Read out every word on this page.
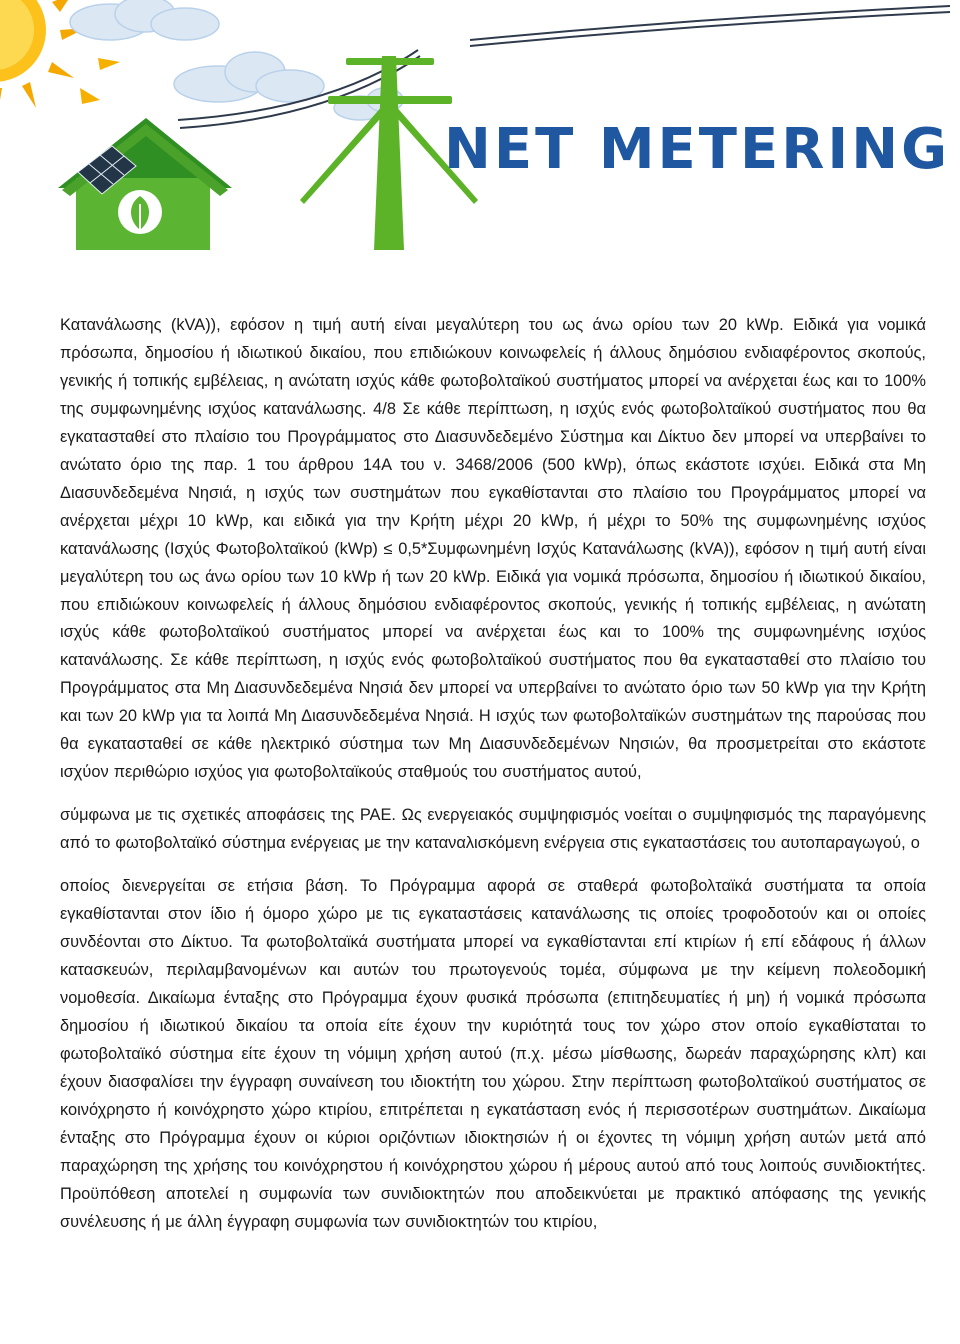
NET METERING

Κατανάλωσης (kVA)), εφόσον η τιμή αυτή είναι μεγαλύτερη του ως άνω ορίου των 20 kWp. Ειδικά για νομικά πρόσωπα, δημοσίου ή ιδιωτικού δικαίου, που επιδιώκουν κοινωφελείς ή άλλους δημόσιου ενδιαφέροντος σκοπούς, γενικής ή τοπικής εμβέλειας, η ανώτατη ισχύς κάθε φωτοβολταϊκού συστήματος μπορεί να ανέρχεται έως και το 100% της συμφωνημένης ισχύος κατανάλωσης. 4/8 Σε κάθε περίπτωση, η ισχύς ενός φωτοβολταϊκού συστήματος που θα εγκατασταθεί στο πλαίσιο του Προγράμματος στο Διασυνδεδεμένο Σύστημα και Δίκτυο δεν μπορεί να υπερβαίνει το ανώτατο όριο της παρ. 1 του άρθρου 14Α του ν. 3468/2006 (500 kWp), όπως εκάστοτε ισχύει. Ειδικά στα Μη Διασυνδεδεμένα Νησιά, η ισχύς των συστημάτων που εγκαθίστανται στο πλαίσιο του Προγράμματος μπορεί να ανέρχεται μέχρι 10 kWp, και ειδικά για την Κρήτη μέχρι 20 kWp, ή μέχρι το 50% της συμφωνημένης ισχύος κατανάλωσης (Ισχύς Φωτοβολταϊκού (kWp) ≤ 0,5*Συμφωνημένη Ισχύς Κατανάλωσης (kVA)), εφόσον η τιμή αυτή είναι μεγαλύτερη του ως άνω ορίου των 10 kWp ή των 20 kWp. Ειδικά για νομικά πρόσωπα, δημοσίου ή ιδιωτικού δικαίου, που επιδιώκουν κοινωφελείς ή άλλους δημόσιου ενδιαφέροντος σκοπούς, γενικής ή τοπικής εμβέλειας, η ανώτατη ισχύς κάθε φωτοβολταϊκού συστήματος μπορεί να ανέρχεται έως και το 100% της συμφωνημένης ισχύος κατανάλωσης. Σε κάθε περίπτωση, η ισχύς ενός φωτοβολταϊκού συστήματος που θα εγκατασταθεί στο πλαίσιο του Προγράμματος στα Μη Διασυνδεδεμένα Νησιά δεν μπορεί να υπερβαίνει το ανώτατο όριο των 50 kWp για την Κρήτη και των 20 kWp για τα λοιπά Μη Διασυνδεδεμένα Νησιά. Η ισχύς των φωτοβολταϊκών συστημάτων της παρούσας που θα εγκατασταθεί σε κάθε ηλεκτρικό σύστημα των Μη Διασυνδεδεμένων Νησιών, θα προσμετρείται στο εκάστοτε ισχύον περιθώριο ισχύος για φωτοβολταϊκούς σταθμούς του συστήματος αυτού,

σύμφωνα με τις σχετικές αποφάσεις της ΡΑΕ. Ως ενεργειακός συμψηφισμός νοείται ο συμψηφισμός της παραγόμενης από το φωτοβολταϊκό σύστημα ενέργειας με την καταναλισκόμενη ενέργεια στις εγκαταστάσεις του αυτοπαραγωγού, ο

οποίος διενεργείται σε ετήσια βάση. Το Πρόγραμμα αφορά σε σταθερά φωτοβολταϊκά συστήματα τα οποία εγκαθίστανται στον ίδιο ή όμορο χώρο με τις εγκαταστάσεις κατανάλωσης τις οποίες τροφοδοτούν και οι οποίες συνδέονται στο Δίκτυο. Τα φωτοβολταϊκά συστήματα μπορεί να εγκαθίστανται επί κτιρίων ή επί εδάφους ή άλλων κατασκευών, περιλαμβανομένων και αυτών του πρωτογενούς τομέα, σύμφωνα με την κείμενη πολεοδομική νομοθεσία. Δικαίωμα ένταξης στο Πρόγραμμα έχουν φυσικά πρόσωπα (επιτηδευματίες ή μη) ή νομικά πρόσωπα δημοσίου ή ιδιωτικού δικαίου τα οποία είτε έχουν την κυριότητά τους τον χώρο στον οποίο εγκαθίσταται το φωτοβολταϊκό σύστημα είτε έχουν τη νόμιμη χρήση αυτού (π.χ. μέσω μίσθωσης, δωρεάν παραχώρησης κλπ) και έχουν διασφαλίσει την έγγραφη συναίνεση του ιδιοκτήτη του χώρου. Στην περίπτωση φωτοβολταϊκού συστήματος σε κοινόχρηστο ή κοινόχρηστο χώρο κτιρίου, επιτρέπεται η εγκατάσταση ενός ή περισσοτέρων συστημάτων. Δικαίωμα ένταξης στο Πρόγραμμα έχουν οι κύριοι οριζόντιων ιδιοκτησιών ή οι έχοντες τη νόμιμη χρήση αυτών μετά από παραχώρηση της χρήσης του κοινόχρηστου ή κοινόχρηστου χώρου ή μέρους αυτού από τους λοιπούς συνιδιοκτήτες. Προϋπόθεση αποτελεί η συμφωνία των συνιδιοκτητών που αποδεικνύεται με πρακτικό απόφασης της γενικής συνέλευσης ή με άλλη έγγραφη συμφωνία των συνιδιοκτητών του κτιρίου,
